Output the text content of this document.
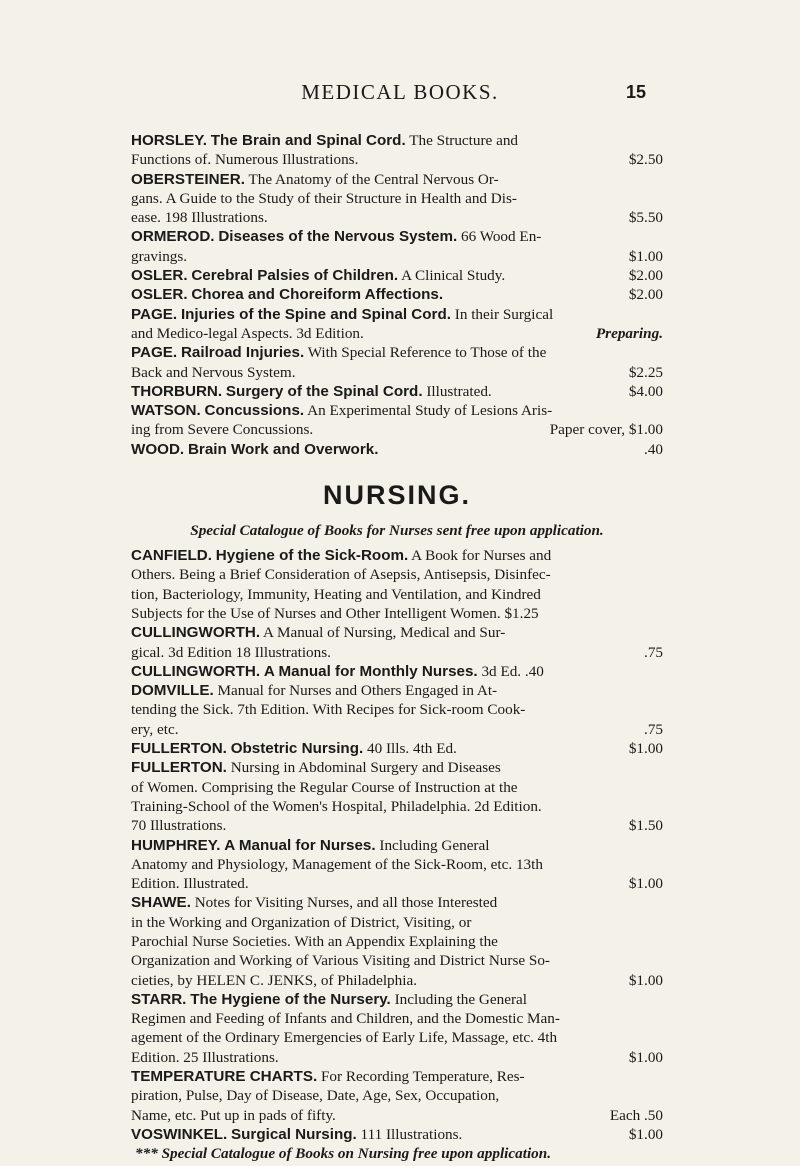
MEDICAL BOOKS.	15
HORSLEY. The Brain and Spinal Cord. The Structure and
Functions of. Numerous Illustrations.	$2.50
OBERSTEINER. The Anatomy of the Central Nervous Or-
gans. A Guide to the Study of their Structure in Health and Dis-
ease. 198 Illustrations.	$5.50
ORMEROD. Diseases of the Nervous System. 66 Wood En-
gravings.	$1.00
OSLER. Cerebral Palsies of Children. A Clinical Study.	$2.00
OSLER. Chorea and Choreiform Affections.	$2.00
PAGE. Injuries of the Spine and Spinal Cord. In their Surgical
and Medico-legal Aspects. 3d Edition.	Preparing.
PAGE. Railroad Injuries. With Special Reference to Those of the
Back and Nervous System.	$2.25
THORBURN. Surgery of the Spinal Cord. Illustrated.	$4.00
WATSON. Concussions. An Experimental Study of Lesions Aris-
ing from Severe Concussions.	Paper cover, $1.00
WOOD. Brain Work and Overwork.	.40
NURSING.
Special Catalogue of Books for Nurses sent free upon application.
CANFIELD. Hygiene of the Sick-Room. A Book for Nurses and
Others. Being a Brief Consideration of Asepsis, Antisepsis, Disinfec-
tion, Bacteriology, Immunity, Heating and Ventilation, and Kindred
Subjects for the Use of Nurses and Other Intelligent Women. $1.25
CULLINGWORTH. A Manual of Nursing, Medical and Sur-
gical. 3d Edition 18 Illustrations.	.75
CULLINGWORTH. A Manual for Monthly Nurses. 3d Ed. .40
DOMVILLE. Manual for Nurses and Others Engaged in At-
tending the Sick. 7th Edition. With Recipes for Sick-room Cook-
ery, etc.	.75
FULLERTON. Obstetric Nursing. 40 Ills. 4th Ed.	$1.00
FULLERTON. Nursing in Abdominal Surgery and Diseases
of Women. Comprising the Regular Course of Instruction at the
Training-School of the Women's Hospital, Philadelphia. 2d Edition.
70 Illustrations.	$1.50
HUMPHREY. A Manual for Nurses. Including General
Anatomy and Physiology, Management of the Sick-Room, etc. 13th
Edition. Illustrated.	$1.00
SHAWE. Notes for Visiting Nurses, and all those Interested
in the Working and Organization of District, Visiting, or
Parochial Nurse Societies. With an Appendix Explaining the
Organization and Working of Various Visiting and District Nurse So-
cieties, by HELEN C. JENKS, of Philadelphia.	$1.00
STARR. The Hygiene of the Nursery. Including the General
Regimen and Feeding of Infants and Children, and the Domestic Man-
agement of the Ordinary Emergencies of Early Life, Massage, etc. 4th
Edition. 25 Illustrations.	$1.00
TEMPERATURE CHARTS. For Recording Temperature, Res-
piration, Pulse, Day of Disease, Date, Age, Sex, Occupation,
Name, etc. Put up in pads of fifty.	Each .50
VOSWINKEL. Surgical Nursing. 111 Illustrations.	$1.00
*** Special Catalogue of Books on Nursing free upon application.
